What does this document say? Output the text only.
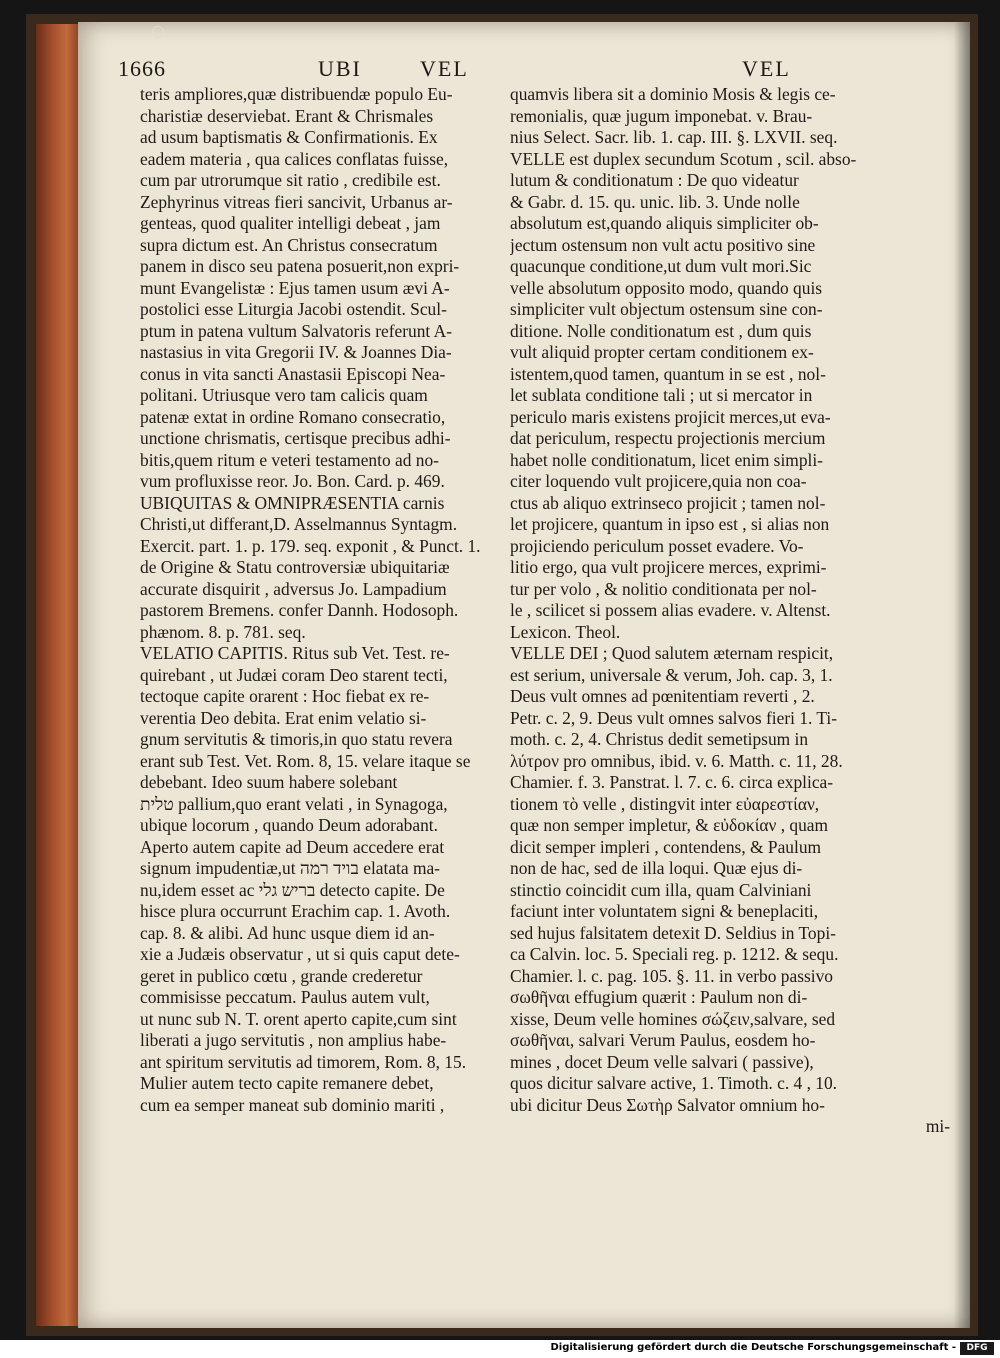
1666	UBI	VEL	VEL
teris ampliores,quæ distribuendæ populo Eu-
charistiæ deserviebat. Erant & Chrismales
ad usum baptismatis & Confirmationis. Ex
eadem materia , qua calices conflatas fuisse,
cum par utrorumque sit ratio , credibile est.
Zephyrinus vitreas fieri sancivit, Urbanus ar-
genteas, quod qualiter intelligi debeat , jam
supra dictum est. An Christus consecratum
panem in disco seu patena posuerit,non expri-
munt Evangelistæ : Ejus tamen usum ævi A-
postolici esse Liturgia Jacobi ostendit. Scul-
ptum in patena vultum Salvatoris referunt A-
nastasius in vita Gregorii IV. & Joannes Dia-
conus in vita sancti Anastasii Episcopi Nea-
politani. Utriusque vero tam calicis quam
patenæ extat in ordine Romano consecratio,
unctione chrismatis, certisque precibus adhi-
bitis,quem ritum e veteri testamento ad no-
vum profluxisse reor. Jo. Bon. Card. p. 469.
UBIQUITAS & OMNIPRÆSENTIA carnis
Christi,ut differant,D. Asselmannus Syntagm.
Exercit. part. 1. p. 179. seq. exponit , & Punct. 1.
de Origine & Statu controversiæ ubiquitariæ
accurate disquirit , adversus Jo. Lampadium
pastorem Bremens. confer Dannh. Hodosoph.
phænom. 8. p. 781. seq.
VELATIO CAPITIS. Ritus sub Vet. Test. re-
quirebant , ut Judæi coram Deo starent tecti,
tectoque capite orarent : Hoc fiebat ex re-
verentia Deo debita. Erat enim velatio si-
gnum servitutis & timoris,in quo statu revera
erant sub Test. Vet. Rom. 8, 15. velare itaque se
debebant. Ideo suum habere solebant
טלית pallium,quo erant velati , in Synagoga,
ubique locorum , quando Deum adorabant.
Aperto autem capite ad Deum accedere erat
signum impudentiæ,ut בויד רמה elatata ma-
nu,idem esset ac בריש גלי detecto capite. De
hisce plura occurrunt Erachim cap. 1. Avoth.
cap. 8. & alibi. Ad hunc usque diem id an-
xie a Judæis observatur , ut si quis caput dete-
geret in publico cœtu , grande crederetur
commisisse peccatum. Paulus autem vult,
ut nunc sub N. T. orent aperto capite,cum sint
liberati a jugo servitutis , non amplius habe-
ant spiritum servitutis ad timorem, Rom. 8, 15.
Mulier autem tecto capite remanere debet,
cum ea semper maneat sub dominio mariti ,
quamvis libera sit a dominio Mosis & legis ce-
remonialis, quæ jugum imponebat. v. Brau-
nius Select. Sacr. lib. 1. cap. III. §. LXVII. seq.
VELLE est duplex secundum Scotum , scil. abso-
lutum & conditionatum : De quo videatur
& Gabr. d. 15. qu. unic. lib. 3. Unde nolle
absolutum est,quando aliquis simpliciter ob-
jectum ostensum non vult actu positivo sine
quacunque conditione,ut dum vult mori.Sic
velle absolutum opposito modo, quando quis
simpliciter vult objectum ostensum sine con-
ditione. Nolle conditionatum est , dum quis
vult aliquid propter certam conditionem ex-
istentem,quod tamen, quantum in se est , nol-
let sublata conditione tali ; ut si mercator in
periculo maris existens projicit merces,ut eva-
dat periculum, respectu projectionis mercium
habet nolle conditionatum, licet enim simpli-
citer loquendo vult projicere,quia non coa-
ctus ab aliquo extrinseco projicit ; tamen nol-
let projicere, quantum in ipso est , si alias non
projiciendo periculum posset evadere. Vo-
litio ergo, qua vult projicere merces, exprimi-
tur per volo , & nolitio conditionata per nol-
le , scilicet si possem alias evadere. v. Altenst.
Lexicon. Theol.
VELLE DEI ; Quod salutem æternam respicit,
est serium, universale & verum, Joh. cap. 3, 1.
Deus vult omnes ad pœnitentiam reverti , 2.
Petr. c. 2, 9. Deus vult omnes salvos fieri 1. Ti-
moth. c. 2, 4. Christus dedit semetipsum in
λύτρον pro omnibus, ibid. v. 6. Matth. c. 11, 28.
Chamier. f. 3. Panstrat. l. 7. c. 6. circa explica-
tionem τὸ velle , distingvit inter εὐαρεστίαν,
quæ non semper impletur, & εὐδοκίαν , quam
dicit semper impleri , contendens, & Paulum
non de hac, sed de illa loqui. Quæ ejus di-
stinctio coincidit cum illa, quam Calviniani
faciunt inter voluntatem signi & beneplaciti,
sed hujus falsitatem detexit D. Seldius in Topi-
ca Calvin. loc. 5. Speciali reg. p. 1212. & sequ.
Chamier. l. c. pag. 105. §. 11. in verbo passivo
σωθῆναι effugium quærit : Paulum non di-
xisse, Deum velle homines σώζειν,salvare, sed
σωθῆναι, salvari Verum Paulus, eosdem ho-
mines , docet Deum velle salvari ( passive),
quos dicitur salvare active, 1. Timoth. c. 4 , 10.
ubi dicitur Deus Σωτὴρ Salvator omnium ho-
mi-
Digitalisierung gefördert durch die Deutsche Forschungsgemeinschaft -	DFG
